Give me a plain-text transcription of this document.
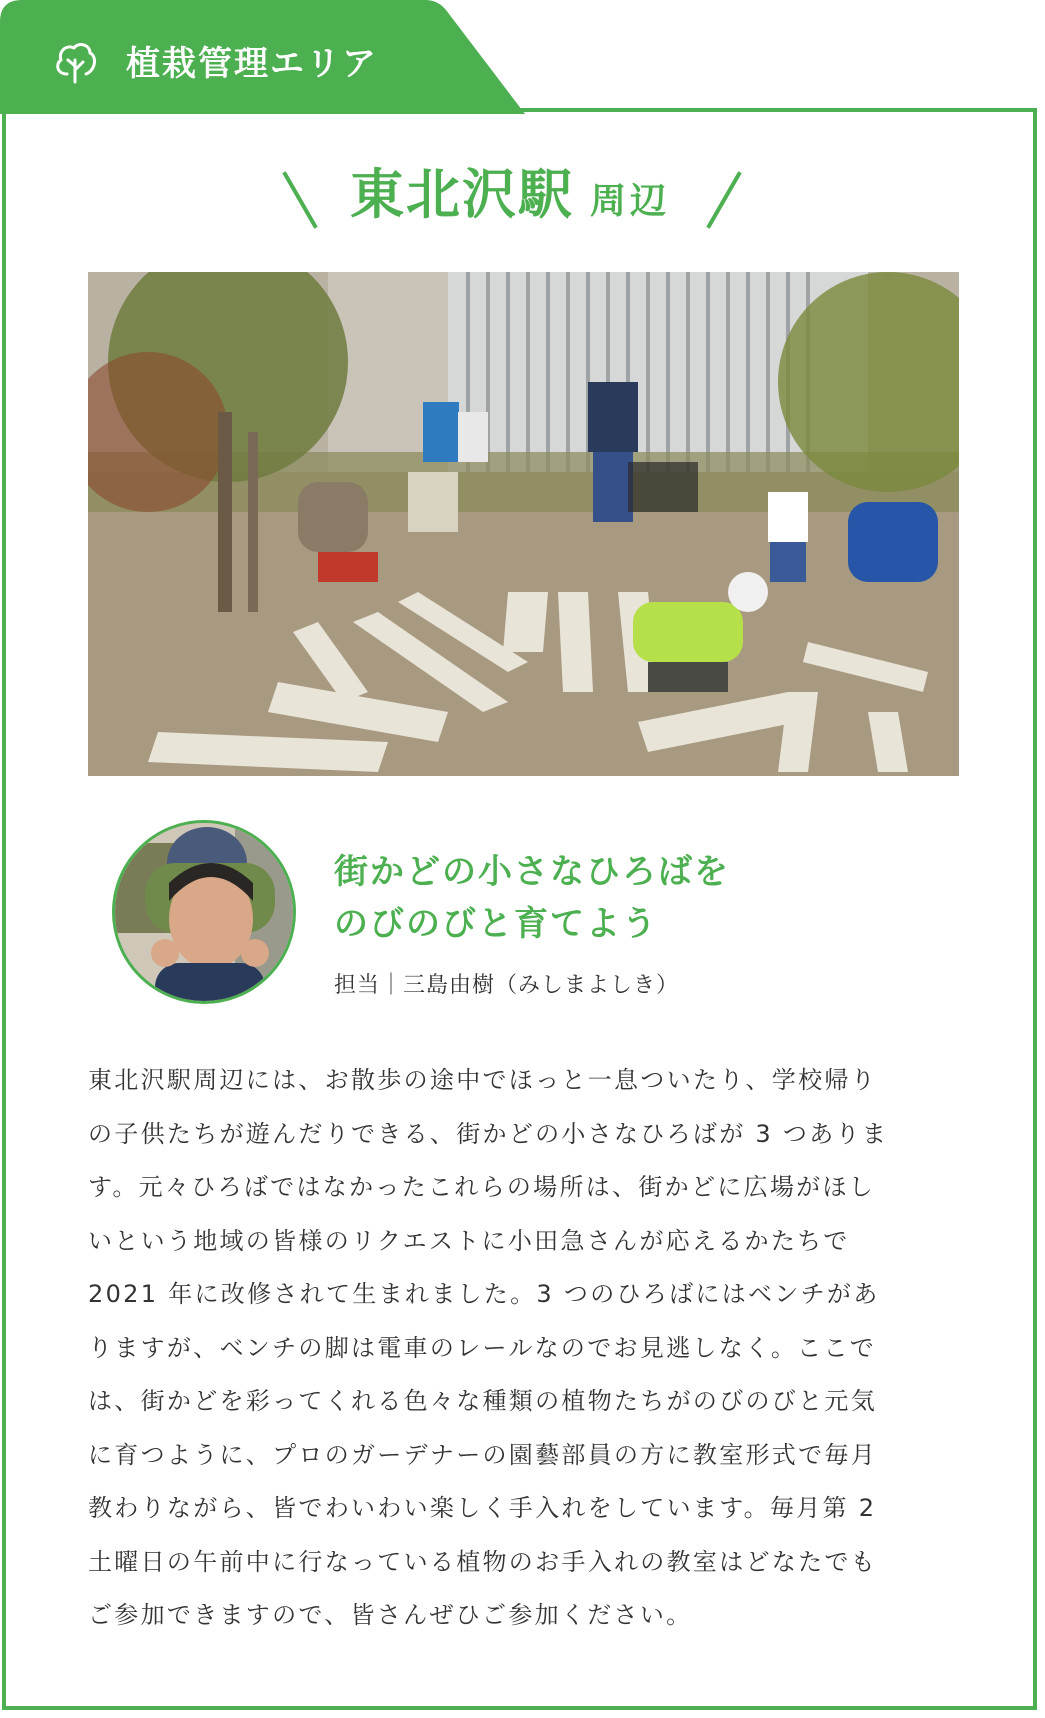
植栽管理エリア
東北沢駅 周辺
街かどの小さなひろばを
のびのびと育てよう
担当｜三島由樹（みしまよしき）
東北沢駅周辺には、お散歩の途中でほっと一息ついたり、学校帰り
の子供たちが遊んだりできる、街かどの小さなひろばが 3 つありま
す。元々ひろばではなかったこれらの場所は、街かどに広場がほし
いという地域の皆様のリクエストに小田急さんが応えるかたちで
2021 年に改修されて生まれました。3 つのひろばにはベンチがあ
りますが、ベンチの脚は電車のレールなのでお見逃しなく。ここで
は、街かどを彩ってくれる色々な種類の植物たちがのびのびと元気
に育つように、プロのガーデナーの園藝部員の方に教室形式で毎月
教わりながら、皆でわいわい楽しく手入れをしています。毎月第 2
土曜日の午前中に行なっている植物のお手入れの教室はどなたでも
ご参加できますので、皆さんぜひご参加ください。
